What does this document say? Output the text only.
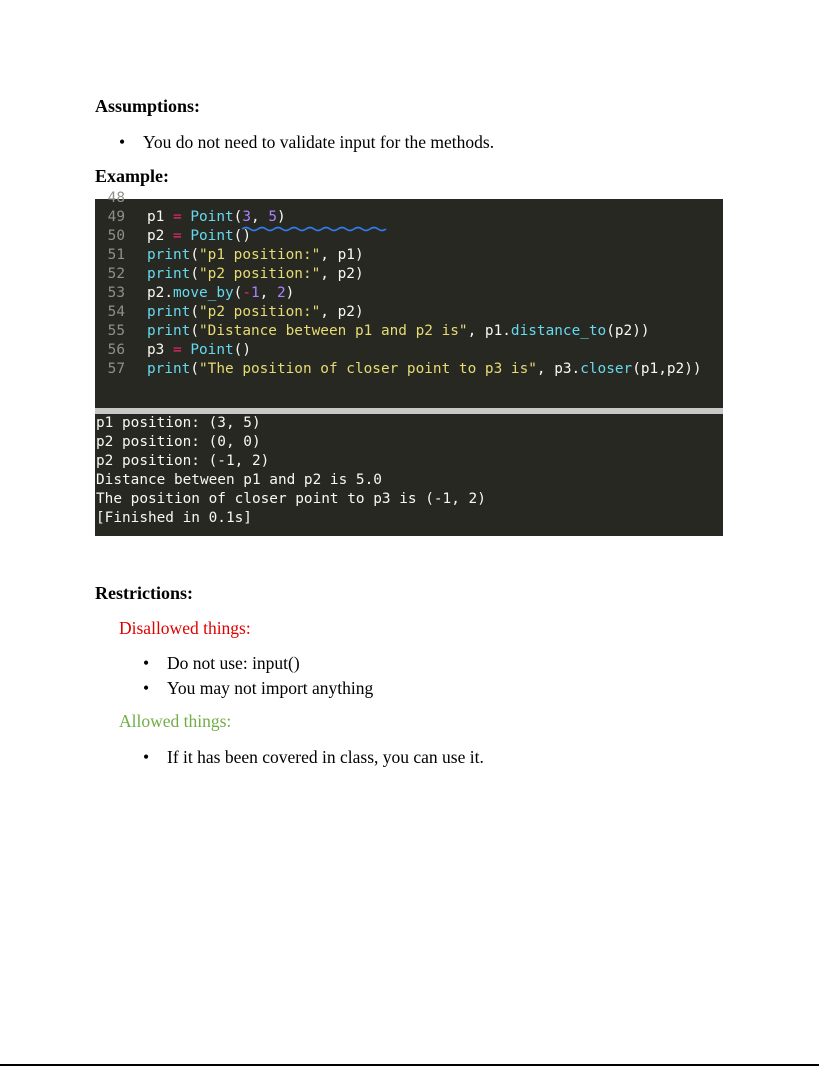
Assumptions:
• You do not need to validate input for the methods.
Example:
48
49 p1 = Point(3, 5)
50 p2 = Point()
51 print("p1 position:", p1)
52 print("p2 position:", p2)
53 p2.move_by(-1, 2)
54 print("p2 position:", p2)
55 print("Distance between p1 and p2 is", p1.distance_to(p2))
56 p3 = Point()
57 print("The position of closer point to p3 is", p3.closer(p1,p2))
p1 position: (3, 5)
p2 position: (0, 0)
p2 position: (-1, 2)
Distance between p1 and p2 is 5.0
The position of closer point to p3 is (-1, 2)
[Finished in 0.1s]
Restrictions:

Disallowed things:

• Do not use: input()
• You may not import anything

Allowed things:

• If it has been covered in class, you can use it.
